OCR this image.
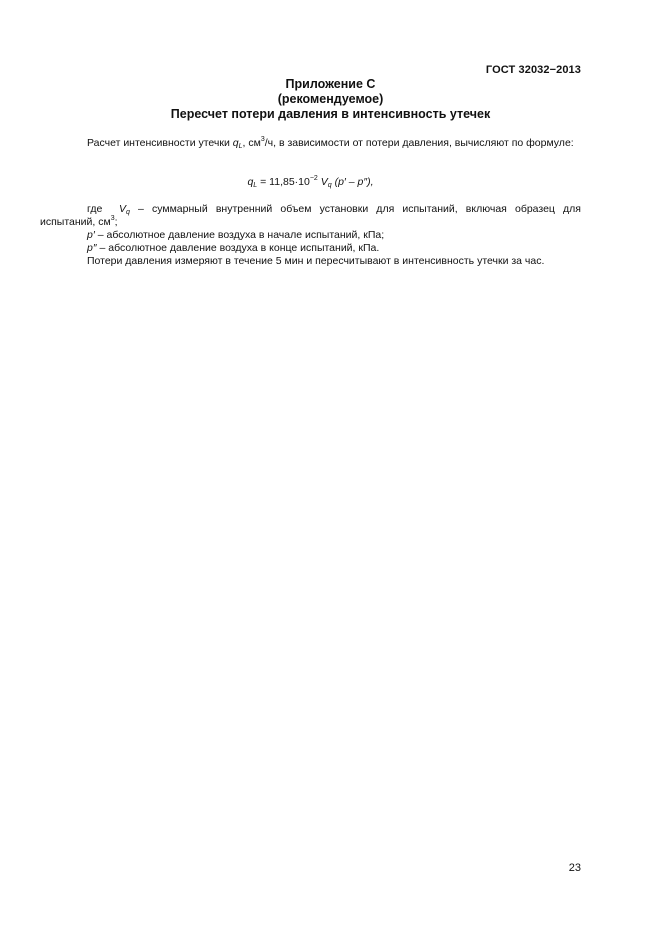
ГОСТ 32032−2013
Приложение С
(рекомендуемое)
Пересчет потери давления в интенсивность утечек
Расчет интенсивности утечки $q_L$, $см^3/ч$, в зависимости от потери давления, вычисляют по формуле:
$q_L = 11,85\cdot 10^{-2}$ $V_q$ (p′ – p″),
где $V_q$ – суммарный внутренний объем установки для испытаний, включая образец для испытаний, $см^3$;
p′ – абсолютное давление воздуха в начале испытаний, кПа;
p″ – абсолютное давление воздуха в конце испытаний, кПа.
Потери давления измеряют в течение 5 мин и пересчитывают в интенсивность утечки за час.
23
